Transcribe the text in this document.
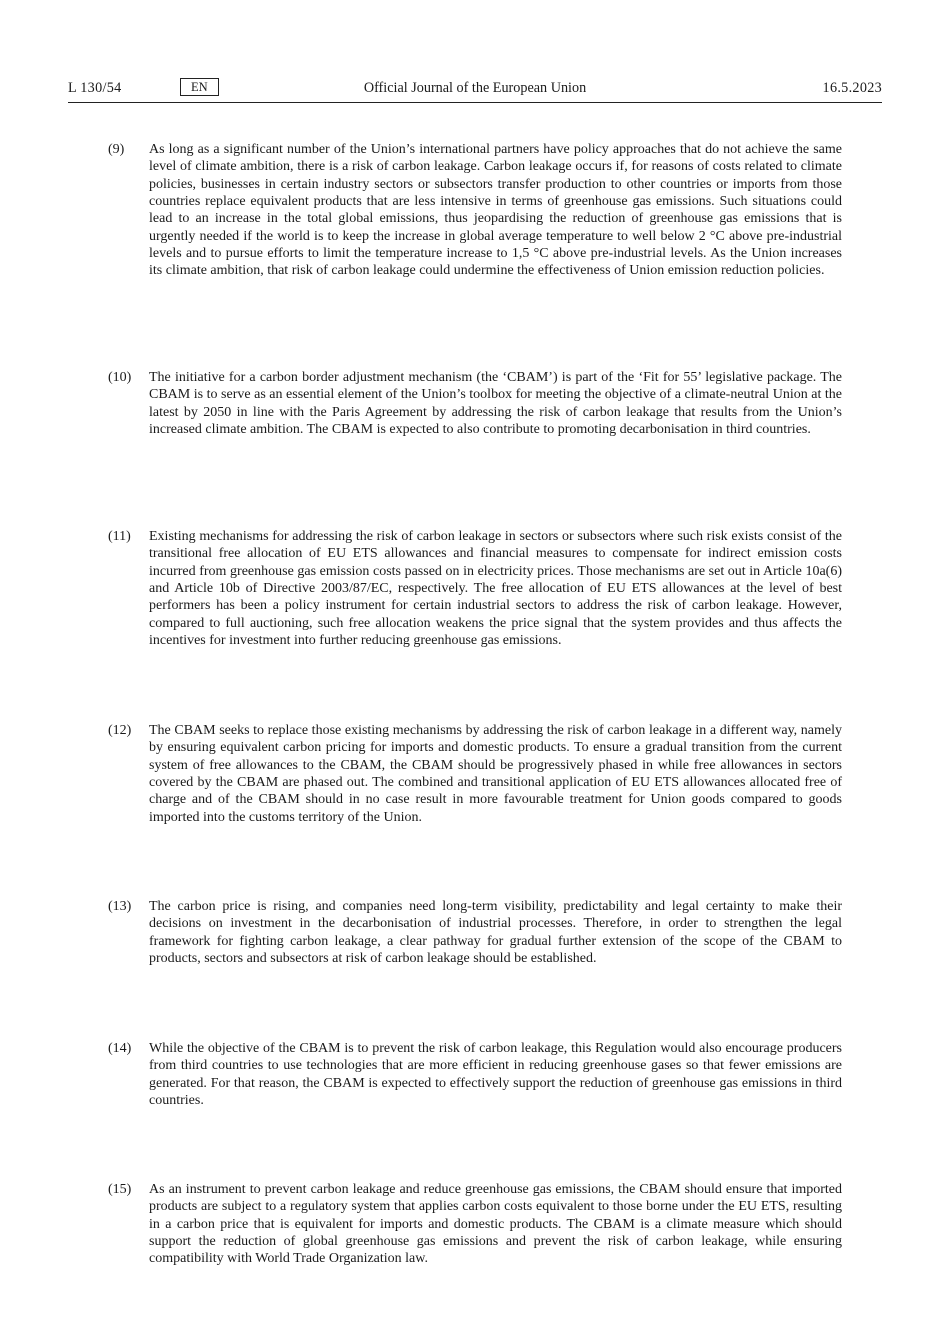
L 130/54	EN	Official Journal of the European Union	16.5.2023
(9) As long as a significant number of the Union’s international partners have policy approaches that do not achieve the same level of climate ambition, there is a risk of carbon leakage. Carbon leakage occurs if, for reasons of costs related to climate policies, businesses in certain industry sectors or subsectors transfer production to other countries or imports from those countries replace equivalent products that are less intensive in terms of greenhouse gas emissions. Such situations could lead to an increase in the total global emissions, thus jeopardising the reduction of greenhouse gas emissions that is urgently needed if the world is to keep the increase in global average temperature to well below 2 °C above pre-industrial levels and to pursue efforts to limit the temperature increase to 1,5 °C above pre-industrial levels. As the Union increases its climate ambition, that risk of carbon leakage could undermine the effectiveness of Union emission reduction policies.
(10) The initiative for a carbon border adjustment mechanism (the ‘CBAM’) is part of the ‘Fit for 55’ legislative package. The CBAM is to serve as an essential element of the Union’s toolbox for meeting the objective of a climate-neutral Union at the latest by 2050 in line with the Paris Agreement by addressing the risk of carbon leakage that results from the Union’s increased climate ambition. The CBAM is expected to also contribute to promoting decarbonisation in third countries.
(11) Existing mechanisms for addressing the risk of carbon leakage in sectors or subsectors where such risk exists consist of the transitional free allocation of EU ETS allowances and financial measures to compensate for indirect emission costs incurred from greenhouse gas emission costs passed on in electricity prices. Those mechanisms are set out in Article 10a(6) and Article 10b of Directive 2003/87/EC, respectively. The free allocation of EU ETS allowances at the level of best performers has been a policy instrument for certain industrial sectors to address the risk of carbon leakage. However, compared to full auctioning, such free allocation weakens the price signal that the system provides and thus affects the incentives for investment into further reducing greenhouse gas emissions.
(12) The CBAM seeks to replace those existing mechanisms by addressing the risk of carbon leakage in a different way, namely by ensuring equivalent carbon pricing for imports and domestic products. To ensure a gradual transition from the current system of free allowances to the CBAM, the CBAM should be progressively phased in while free allowances in sectors covered by the CBAM are phased out. The combined and transitional application of EU ETS allowances allocated free of charge and of the CBAM should in no case result in more favourable treatment for Union goods compared to goods imported into the customs territory of the Union.
(13) The carbon price is rising, and companies need long-term visibility, predictability and legal certainty to make their decisions on investment in the decarbonisation of industrial processes. Therefore, in order to strengthen the legal framework for fighting carbon leakage, a clear pathway for gradual further extension of the scope of the CBAM to products, sectors and subsectors at risk of carbon leakage should be established.
(14) While the objective of the CBAM is to prevent the risk of carbon leakage, this Regulation would also encourage producers from third countries to use technologies that are more efficient in reducing greenhouse gases so that fewer emissions are generated. For that reason, the CBAM is expected to effectively support the reduction of greenhouse gas emissions in third countries.
(15) As an instrument to prevent carbon leakage and reduce greenhouse gas emissions, the CBAM should ensure that imported products are subject to a regulatory system that applies carbon costs equivalent to those borne under the EU ETS, resulting in a carbon price that is equivalent for imports and domestic products. The CBAM is a climate measure which should support the reduction of global greenhouse gas emissions and prevent the risk of carbon leakage, while ensuring compatibility with World Trade Organization law.
